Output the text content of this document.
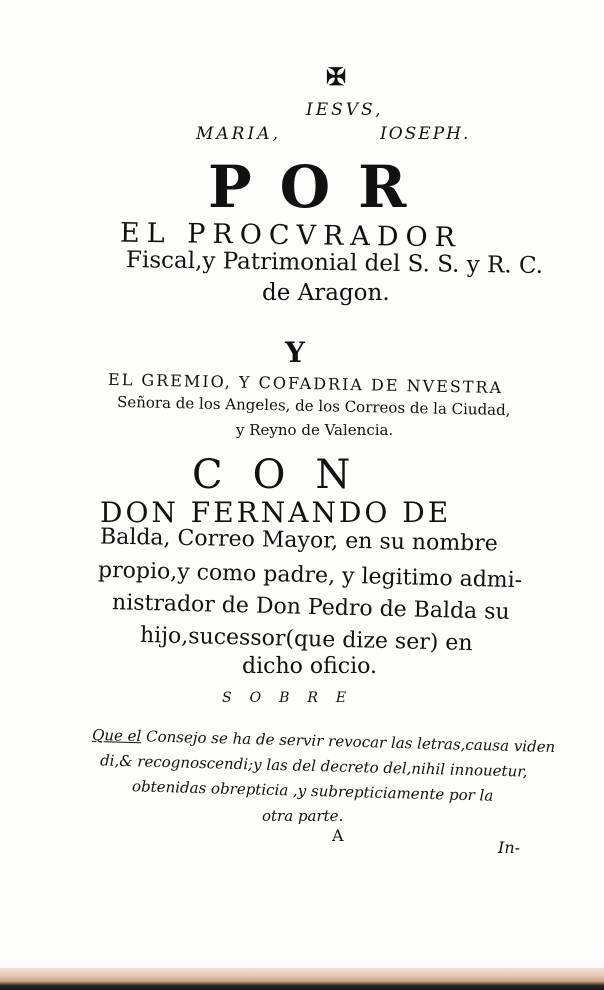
✠
IESVS,
MARIA,	IOSEPH.
POR
EL PROCVRADOR
Fiscal,y Patrimonial del S. S. y R. C.
de Aragon.
Y
EL GREMIO, Y COFADRIA DE NVESTRA
Señora de los Angeles, de los Correos de la Ciudad,
y Reyno de Valencia.
CON
DON FERNANDO DE
Balda, Correo Mayor, en su nombre
propio,y como padre, y legitimo admi-
nistrador de Don Pedro de Balda su
hijo,sucessor(que dize ser) en
dicho oficio.
SOBRE
Que el Consejo se ha de servir revocar las letras,causa viden
di,& recognoscendi;y las del decreto del,nihil innouetur,
obtenidas obrepticia ,y subrepticiamente por la
otra parte.
A
In-
